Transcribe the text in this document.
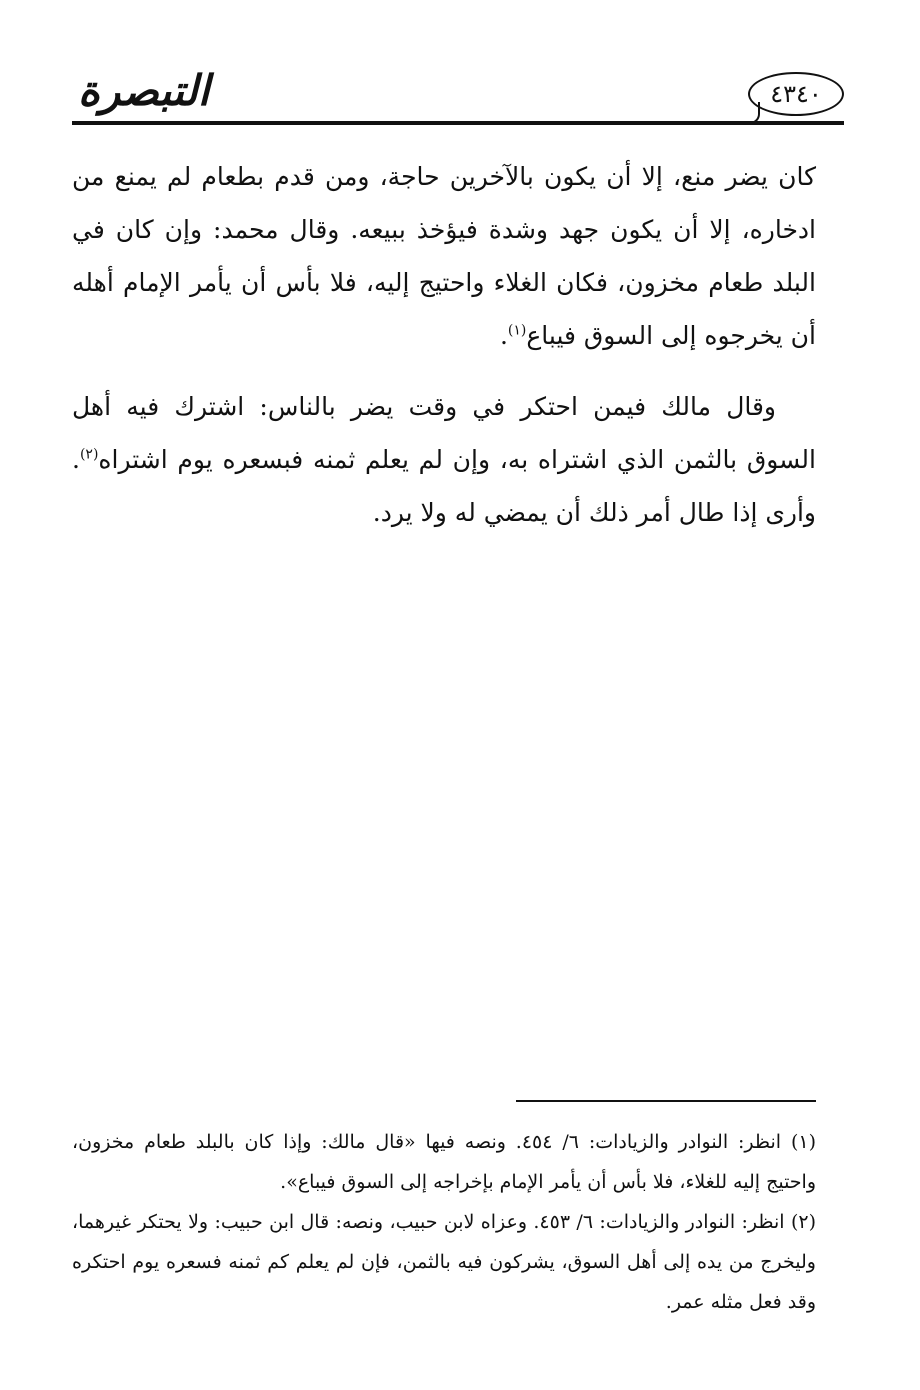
٤٣٤٠
التبصرة

كان يضر منع، إلا أن يكون بالآخرين حاجة، ومن قدم بطعام لم يمنع من ادخاره، إلا أن يكون جهد وشدة فيؤخذ ببيعه. وقال محمد: وإن كان في البلد طعام مخزون، فكان الغلاء واحتيج إليه، فلا بأس أن يأمر الإمام أهله أن يخرجوه إلى السوق فيباع$^{(١)}$.

وقال مالك فيمن احتكر في وقت يضر بالناس: اشترك فيه أهل السوق بالثمن الذي اشتراه به، وإن لم يعلم ثمنه فبسعره يوم اشتراه$^{(٢)}$. وأرى إذا طال أمر ذلك أن يمضي له ولا يرد.

(١) انظر: النوادر والزيادات: ٦/ ٤٥٤. ونصه فيها «قال مالك: وإذا كان بالبلد طعام مخزون، واحتيج إليه للغلاء، فلا بأس أن يأمر الإمام بإخراجه إلى السوق فيباع».

(٢) انظر: النوادر والزيادات: ٦/ ٤٥٣. وعزاه لابن حبيب، ونصه: قال ابن حبيب: ولا يحتكر غيرهما، وليخرج من يده إلى أهل السوق، يشركون فيه بالثمن، فإن لم يعلم كم ثمنه فسعره يوم احتكره وقد فعل مثله عمر.
